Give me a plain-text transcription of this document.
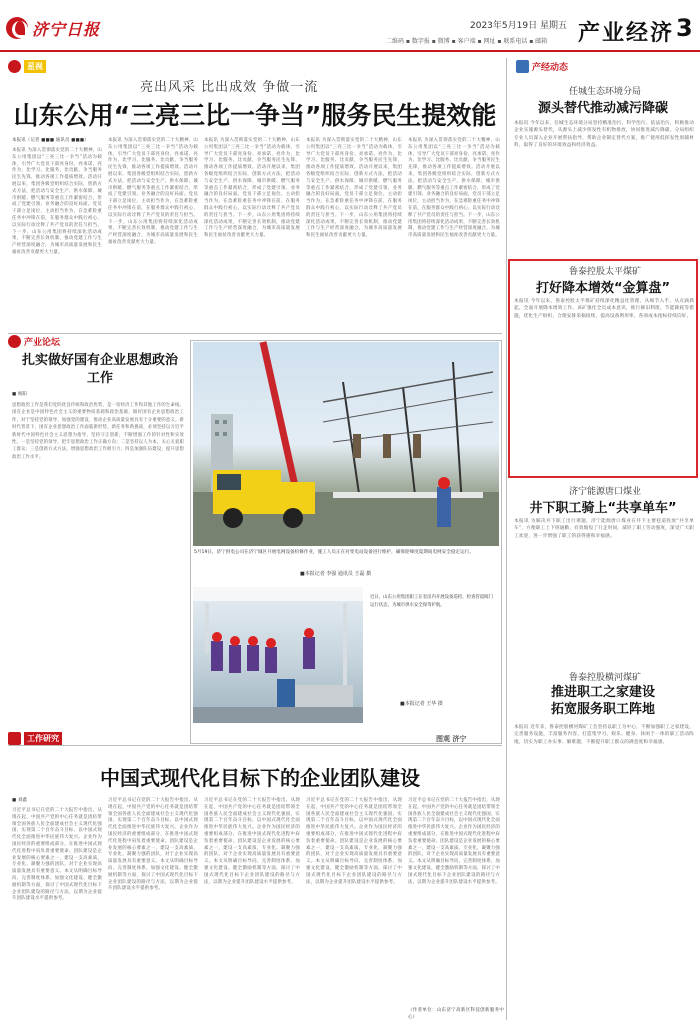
济宁日报	2023年5月19日 星期五
二维码 ▪ 数字报 ▪ 微博 ▪ 客户端 ▪ 网址 ▪ 联系电话 ▪ 邮箱 产业经济 3
星视
亮出风采 比出成效 争做一流
山东公用“三亮三比一争当”服务民生提效能
本报讯（记者 ■■■ 通讯员 ■■■）
本报讯 为深入贯彻落实党的二十大精神，山东公用集团以“三亮三比一争当”活动为载体，引导广大党员干部亮身份、亮承诺、亮作为，比学习、比服务、比贡献，争当服务民生先锋，推动各项工作提质增效。活动开展以来，集团各级党组织结合实际，创新方式方法，把活动与安全生产、供水保障、城市供暖、燃气服务等重点工作紧密结合，形成了党建引领、业务融合的良好局面。党员干部立足岗位，主动担当作为，在急难险重任务中冲锋在前，在服务群众中践行初心，以实际行动诠释了共产党员的责任与担当。下一步，山东公用集团将持续深化活动成果，不断完善长效机制，推动党建工作与生产经营深度融合，为城市高质量发展和民生福祉改善贡献更大力量。
本报讯 为深入贯彻落实党的二十大精神，山东公用集团以“三亮三比一争当”活动为载体，引导广大党员干部亮身份、亮承诺、亮作为，比学习、比服务、比贡献，争当服务民生先锋，推动各项工作提质增效。活动开展以来，集团各级党组织结合实际，创新方式方法，把活动与安全生产、供水保障、城市供暖、燃气服务等重点工作紧密结合，形成了党建引领、业务融合的良好局面。党员干部立足岗位，主动担当作为，在急难险重任务中冲锋在前，在服务群众中践行初心，以实际行动诠释了共产党员的责任与担当。下一步，山东公用集团将持续深化活动成果，不断完善长效机制，推动党建工作与生产经营深度融合，为城市高质量发展和民生福祉改善贡献更大力量。
本报讯 为深入贯彻落实党的二十大精神，山东公用集团以“三亮三比一争当”活动为载体，引导广大党员干部亮身份、亮承诺、亮作为，比学习、比服务、比贡献，争当服务民生先锋，推动各项工作提质增效。活动开展以来，集团各级党组织结合实际，创新方式方法，把活动与安全生产、供水保障、城市供暖、燃气服务等重点工作紧密结合，形成了党建引领、业务融合的良好局面。党员干部立足岗位，主动担当作为，在急难险重任务中冲锋在前，在服务群众中践行初心，以实际行动诠释了共产党员的责任与担当。下一步，山东公用集团将持续深化活动成果，不断完善长效机制，推动党建工作与生产经营深度融合，为城市高质量发展和民生福祉改善贡献更大力量。
本报讯 为深入贯彻落实党的二十大精神，山东公用集团以“三亮三比一争当”活动为载体，引导广大党员干部亮身份、亮承诺、亮作为，比学习、比服务、比贡献，争当服务民生先锋，推动各项工作提质增效。活动开展以来，集团各级党组织结合实际，创新方式方法，把活动与安全生产、供水保障、城市供暖、燃气服务等重点工作紧密结合，形成了党建引领、业务融合的良好局面。党员干部立足岗位，主动担当作为，在急难险重任务中冲锋在前，在服务群众中践行初心，以实际行动诠释了共产党员的责任与担当。下一步，山东公用集团将持续深化活动成果，不断完善长效机制，推动党建工作与生产经营深度融合，为城市高质量发展和民生福祉改善贡献更大力量。
本报讯 为深入贯彻落实党的二十大精神，山东公用集团以“三亮三比一争当”活动为载体，引导广大党员干部亮身份、亮承诺、亮作为，比学习、比服务、比贡献，争当服务民生先锋，推动各项工作提质增效。活动开展以来，集团各级党组织结合实际，创新方式方法，把活动与安全生产、供水保障、城市供暖、燃气服务等重点工作紧密结合，形成了党建引领、业务融合的良好局面。党员干部立足岗位，主动担当作为，在急难险重任务中冲锋在前，在服务群众中践行初心，以实际行动诠释了共产党员的责任与担当。下一步，山东公用集团将持续深化活动成果，不断完善长效机制，推动党建工作与生产经营深度融合，为城市高质量发展和民生福祉改善贡献更大力量。
产业论坛
扎实做好国有企业思想政治工作
■ 杨阳
思想政治工作是我们党的优良传统和政治优势，是一切经济工作和其他工作的生命线。国有企业是中国特色社会主义的重要物质基础和政治基础，做好国有企业思想政治工作，对于坚持党的领导、加强党的建设、推动企业高质量发展具有十分重要的意义。新时代背景下，国有企业思想政治工作面临新形势、新任务和新挑战，必须坚持以习近平新时代中国特色社会主义思想为指导，坚持守正创新，不断增强工作的针对性和实效性。一是坚持党的领导，把牢思想政治工作正确方向；二是坚持以人为本，关心关爱职工群众；三是创新方式方法，增强思想政治工作吸引力；四是加强队伍建设，提升思想政治工作水平。
5月19日，济宁供电公司在济宁城区开展电网设备检修作业，施工人员正在对变电站设备进行维护，确保迎峰度夏期间电网安全稳定运行。
■本报记者 李强 通讯员 王磊 摄
近日，山东公用集团职工在泵房内开展设备巡检，检查管道阀门运行状态，为城市供水安全保驾护航。
■本报记者 王华 摄
图观 济宁
工作研究
中国式现代化目标下的企业团队建设
■ 刘鑫
习近平总书记在党的二十大报告中指出，从现在起，中国共产党的中心任务就是团结带领全国各族人民全面建成社会主义现代化强国、实现第二个百年奋斗目标，以中国式现代化全面推进中华民族伟大复兴。企业作为国民经济的重要组成部分，在推进中国式现代化进程中肩负着重要使命。团队建设是企业发展的核心要素之一，建设一支高素质、专业化、凝聚力强的团队，对于企业实现高质量发展具有重要意义。本文从明确目标导向、完善制度体系、加强文化建设、健全激励机制等方面，探讨了中国式现代化目标下企业团队建设的路径与方法，以期为企业提升团队建设水平提供参考。
习近平总书记在党的二十大报告中指出，从现在起，中国共产党的中心任务就是团结带领全国各族人民全面建成社会主义现代化强国、实现第二个百年奋斗目标，以中国式现代化全面推进中华民族伟大复兴。企业作为国民经济的重要组成部分，在推进中国式现代化进程中肩负着重要使命。团队建设是企业发展的核心要素之一，建设一支高素质、专业化、凝聚力强的团队，对于企业实现高质量发展具有重要意义。本文从明确目标导向、完善制度体系、加强文化建设、健全激励机制等方面，探讨了中国式现代化目标下企业团队建设的路径与方法，以期为企业提升团队建设水平提供参考。
习近平总书记在党的二十大报告中指出，从现在起，中国共产党的中心任务就是团结带领全国各族人民全面建成社会主义现代化强国、实现第二个百年奋斗目标，以中国式现代化全面推进中华民族伟大复兴。企业作为国民经济的重要组成部分，在推进中国式现代化进程中肩负着重要使命。团队建设是企业发展的核心要素之一，建设一支高素质、专业化、凝聚力强的团队，对于企业实现高质量发展具有重要意义。本文从明确目标导向、完善制度体系、加强文化建设、健全激励机制等方面，探讨了中国式现代化目标下企业团队建设的路径与方法，以期为企业提升团队建设水平提供参考。
习近平总书记在党的二十大报告中指出，从现在起，中国共产党的中心任务就是团结带领全国各族人民全面建成社会主义现代化强国、实现第二个百年奋斗目标，以中国式现代化全面推进中华民族伟大复兴。企业作为国民经济的重要组成部分，在推进中国式现代化进程中肩负着重要使命。团队建设是企业发展的核心要素之一，建设一支高素质、专业化、凝聚力强的团队，对于企业实现高质量发展具有重要意义。本文从明确目标导向、完善制度体系、加强文化建设、健全激励机制等方面，探讨了中国式现代化目标下企业团队建设的路径与方法，以期为企业提升团队建设水平提供参考。
习近平总书记在党的二十大报告中指出，从现在起，中国共产党的中心任务就是团结带领全国各族人民全面建成社会主义现代化强国、实现第二个百年奋斗目标，以中国式现代化全面推进中华民族伟大复兴。企业作为国民经济的重要组成部分，在推进中国式现代化进程中肩负着重要使命。团队建设是企业发展的核心要素之一，建设一支高素质、专业化、凝聚力强的团队，对于企业实现高质量发展具有重要意义。本文从明确目标导向、完善制度体系、加强文化建设、健全激励机制等方面，探讨了中国式现代化目标下企业团队建设的路径与方法，以期为企业提升团队建设水平提供参考。
（作者单位：山东济宁高新区科技创新服务中心）
产经动态
任城生态环境分局
源头替代推动减污降碳
本报讯 今年以来，任城生态环境分局坚持精准治污、科学治污、依法治污，积极推动企业实施源头替代，从源头上减少挥发性有机物排放，协同推进减污降碳。分局组织专业人员深入企业开展帮扶指导，帮助企业制定替代方案，推广使用低挥发性原辅材料，取得了良好的环境效益和经济效益。
鲁泰控股太平煤矿
打好降本增效“金算盘”
本报讯 今年以来，鲁泰控股太平煤矿持续深化精益化管理，从细节入手、从点滴抓起，全面开展降本增效工作。该矿强化全员成本意识，推行修旧利废、节能降耗等措施，优化生产组织，合理安排采掘接续，提高设备利用率，各项成本指标持续向好。
济宁能源唐口煤业
井下职工骑上“共享单车”
本报讯 为解决井下职工出行难题，济宁能源唐口煤业在井下主要巷道投放“共享单车”，方便职工上下班通勤，有效缩短了行走时间，减轻了职工劳动强度，深受广大职工欢迎，进一步增强了职工的获得感和幸福感。
鲁泰控股横河煤矿
推进职工之家建设
拓宽服务职工阵地
本报讯 近年来，鲁泰控股横河煤矿工会坚持以职工为中心，不断加强职工之家建设，完善服务设施，丰富服务内容，打造集学习、娱乐、健身、休闲于一体的职工活动阵地，切实为职工办实事、解难题，不断提升职工群众的满意度和幸福感。
